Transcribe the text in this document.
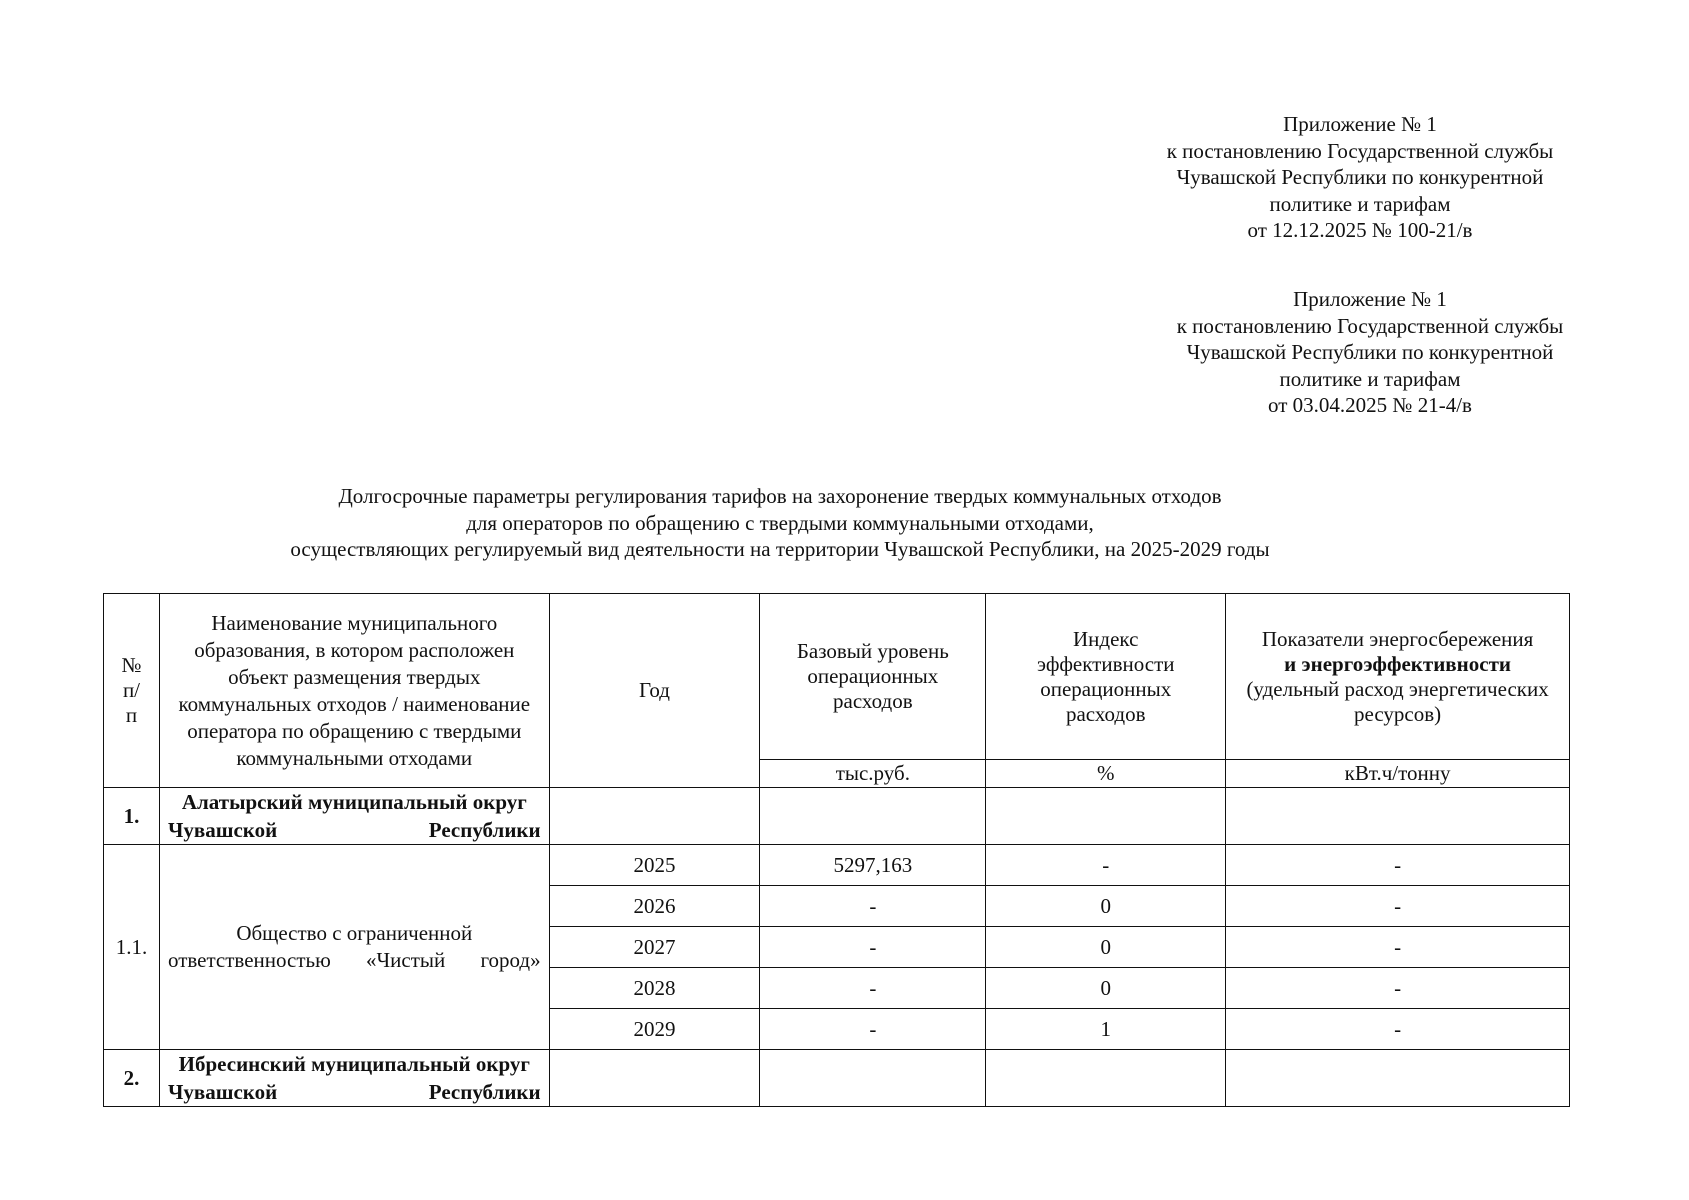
Приложение № 1
к постановлению Государственной службы
Чувашской Республики по конкурентной
политике и тарифам
от 12.12.2025 № 100-21/в
Приложение № 1
к постановлению Государственной службы
Чувашской Республики по конкурентной
политике и тарифам
от 03.04.2025 № 21-4/в
Долгосрочные параметры регулирования тарифов на захоронение твердых коммунальных отходов
для операторов по обращению с твердыми коммунальными отходами,
осуществляющих регулируемый вид деятельности на территории Чувашской Республики, на 2025-2029 годы
№ п/п	Наименование муниципального образования, в котором расположен объект размещения твердых коммунальных отходов / наименование оператора по обращению с твердыми коммунальными отходами	Год	Базовый уровень операционных расходов	Индекс эффективности операционных расходов	Показатели энергосбережения
и энергоэффективности
(удельный расход энергетических ресурсов)

			тыс.руб.	%	кВт.ч/тонну
1.	Алатырский муниципальный округ Чувашской Республики				
1.1.	Общество с ограниченной ответственностью «Чистый город»	2025	5297,163	-	-
		2026	-	0	-
		2027	-	0	-
		2028	-	0	-
		2029	-	1	-
2.	Ибресинский муниципальный округ Чувашской Республики				
